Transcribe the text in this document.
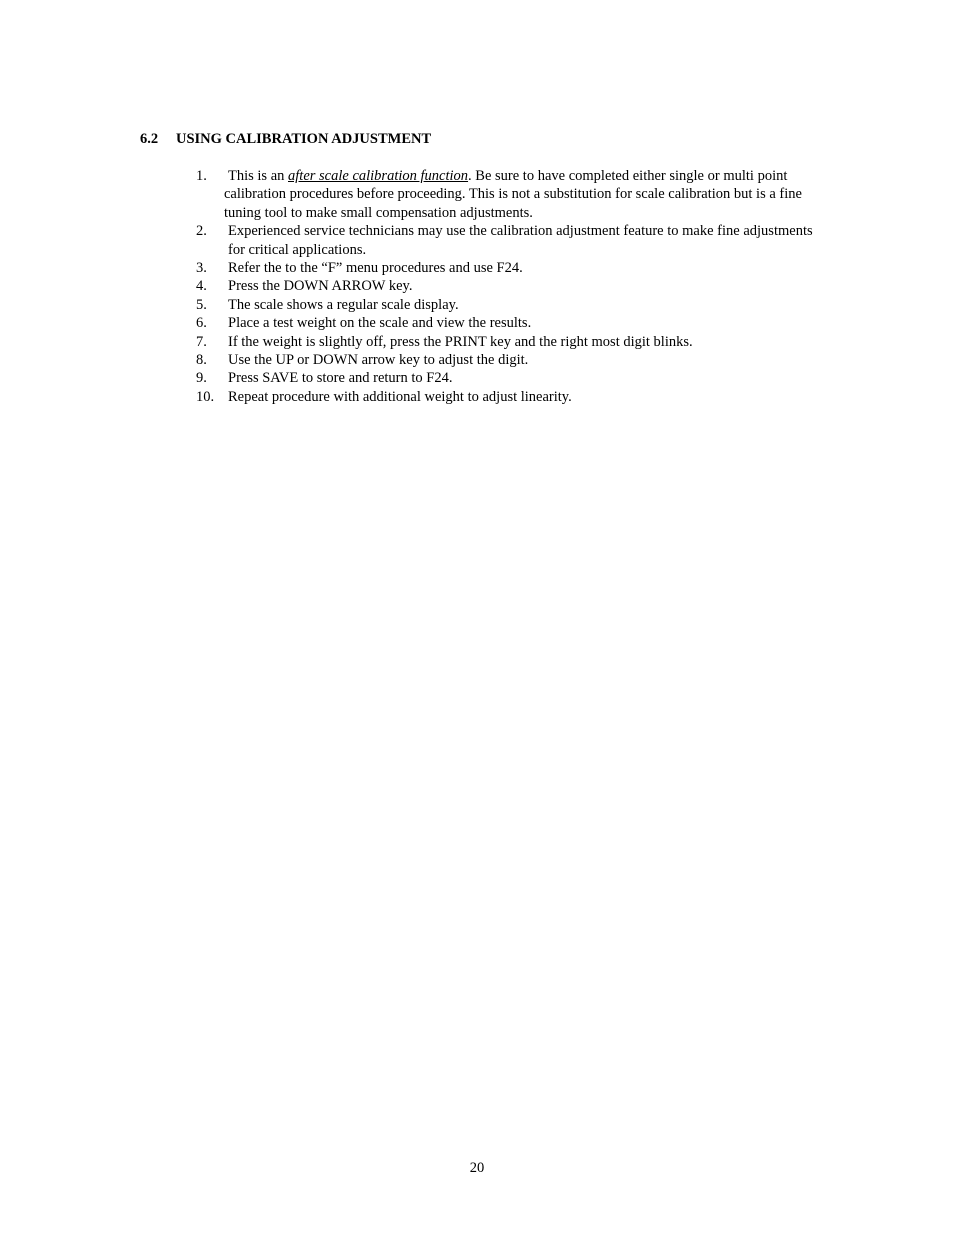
6.2 USING CALIBRATION ADJUSTMENT
1.	This is an after scale calibration function. Be sure to have completed either single or multi point calibration procedures before proceeding. This is not a substitution for scale calibration but is a fine tuning tool to make small compensation adjustments.
2.	Experienced service technicians may use the calibration adjustment feature to make fine adjustments for critical applications.
3.	Refer the to the “F” menu procedures and use F24.
4.	Press the DOWN ARROW key.
5.	The scale shows a regular scale display.
6.	Place a test weight on the scale and view the results.
7.	If the weight is slightly off, press the PRINT key and the right most digit blinks.
8.	Use the UP or DOWN arrow key to adjust the digit.
9.	Press SAVE to store and return to F24.
10. Repeat procedure with additional weight to adjust linearity.
20
